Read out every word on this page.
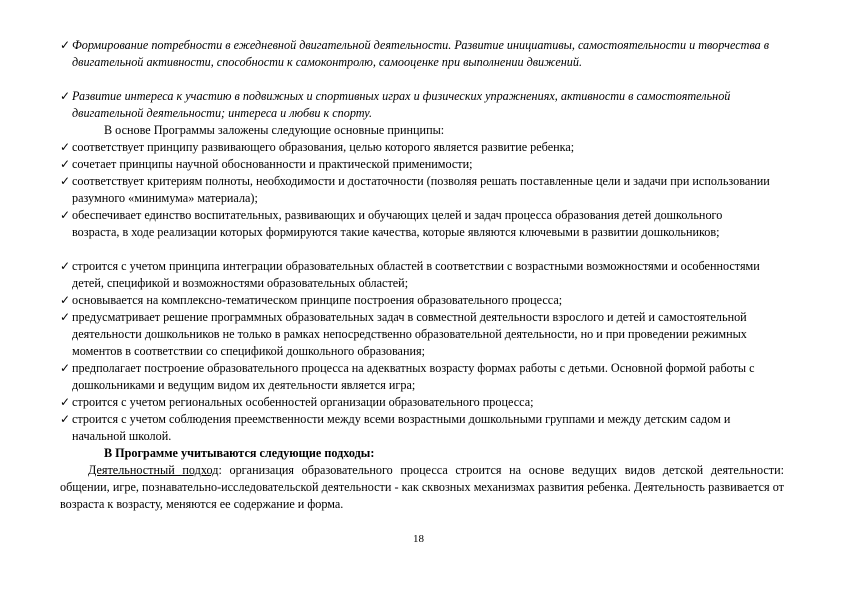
✓ Формирование потребности в ежедневной двигательной деятельности. Развитие инициативы, самостоятельности и творчества в двигательной активности, способности к самоконтролю, самооценке при выполнении движений.
✓ Развитие интереса к участию в подвижных и спортивных играх и физических упражнениях, активности в самостоятельной двигательной деятельности; интереса и любви к спорту.
В основе Программы заложены следующие основные принципы:
✓ соответствует принципу развивающего образования, целью которого является развитие ребенка;
✓ сочетает принципы научной обоснованности и практической применимости;
✓ соответствует критериям полноты, необходимости и достаточности (позволяя решать поставленные цели и задачи при использовании разумного «минимума» материала);
✓ обеспечивает единство воспитательных, развивающих и обучающих целей и задач процесса образования детей дошкольного возраста, в ходе реализации которых формируются такие качества, которые являются ключевыми в развитии дошкольников;
✓ строится с учетом принципа интеграции образовательных областей в соответствии с возрастными возможностями и особенностями детей, спецификой и возможностями образовательных областей;
✓ основывается на комплексно-тематическом принципе построения образовательного процесса;
✓ предусматривает решение программных образовательных задач в совместной деятельности взрослого и детей и самостоятельной деятельности дошкольников не только в рамках непосредственно образовательной деятельности, но и при проведении режимных моментов в соответствии со спецификой дошкольного образования;
✓ предполагает построение образовательного процесса на адекватных возрасту формах работы с детьми. Основной формой работы с дошкольниками и ведущим видом их деятельности является игра;
✓ строится с учетом региональных особенностей организации образовательного процесса;
✓ строится с учетом соблюдения преемственности между всеми возрастными дошкольными группами и между детским садом и начальной школой.
В Программе учитываются следующие подходы:
Деятельностный подход: организация образовательного процесса строится на основе ведущих видов детской деятельности: общении, игре, познавательно-исследовательской деятельности - как сквозных механизмах развития ребенка. Деятельность развивается от возраста к возрасту, меняются ее содержание и форма.
18
